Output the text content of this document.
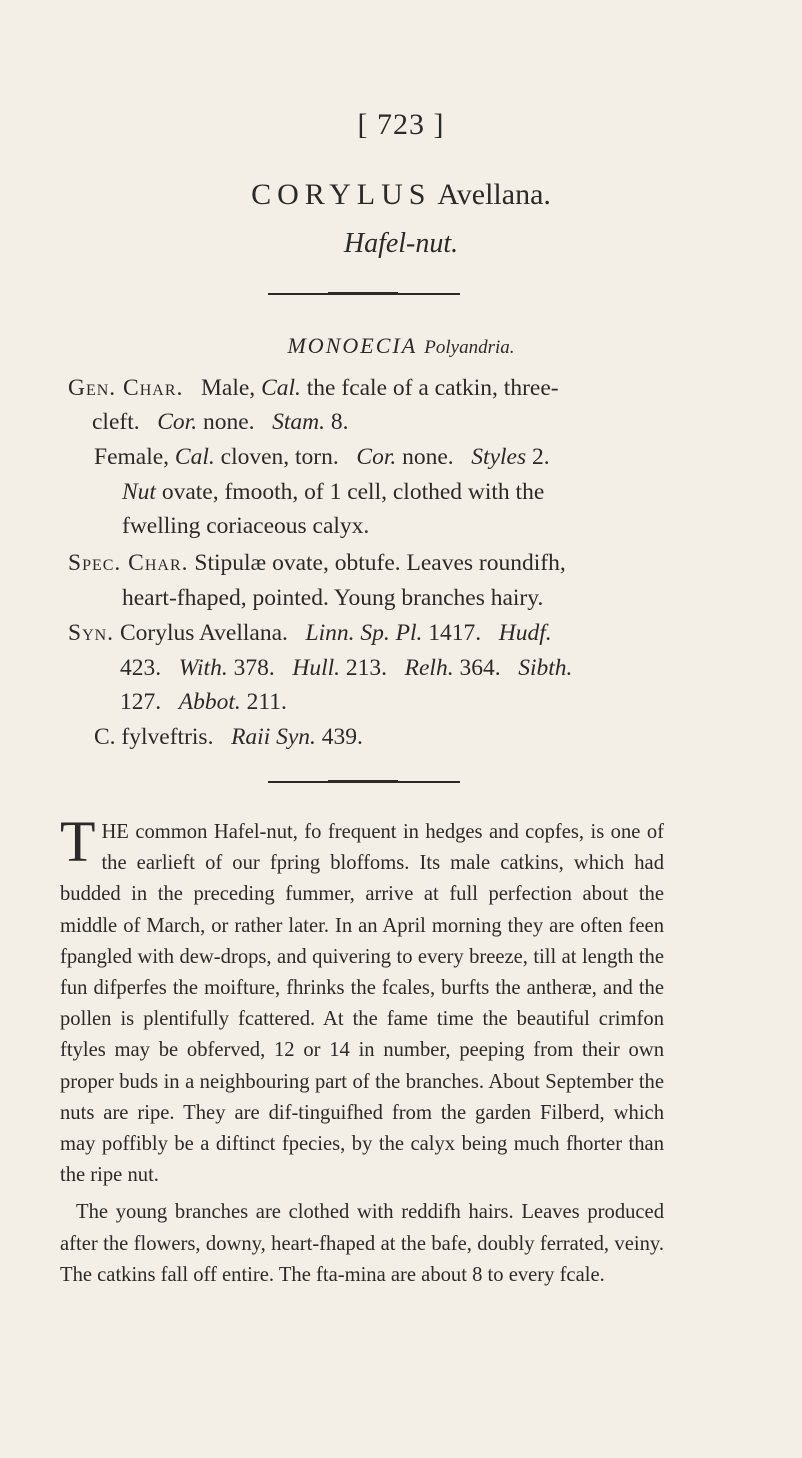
[ 723 ]
CORYLUS Avellana.
Hafel-nut.
MONOECIA Polyandria.
Gen. Char. Male, Cal. the fcale of a catkin, three-
cleft. Cor. none. Stam. 8.
Female, Cal. cloven, torn. Cor. none. Styles 2.
Nut ovate, fmooth, of 1 cell, clothed with the
fwelling coriaceous calyx.
Spec. Char. Stipulæ ovate, obtufe. Leaves roundifh,
heart-fhaped, pointed. Young branches hairy.
Syn. Corylus Avellana. Linn. Sp. Pl. 1417. Hudf.
423. With. 378. Hull. 213. Relh. 364. Sibth.
127. Abbot. 211.
C. fylveftris. Raii Syn. 439.

THE common Hafel-nut, fo frequent in hedges and copfes, is one of the earlieft of our fpring bloffoms. Its male catkins, which had budded in the preceding fummer, arrive at full perfection about the middle of March, or rather later. In an April morning they are often feen fpangled with dew-drops, and quivering to every breeze, till at length the fun difperfes the moifture, fhrinks the fcales, burfts the antheræ, and the pollen is plentifully fcattered. At the fame time the beautiful crimfon ftyles may be obferved, 12 or 14 in number, peeping from their own proper buds in a neighbouring part of the branches. About September the nuts are ripe. They are dif-tinguifhed from the garden Filberd, which may poffibly be a diftinct fpecies, by the calyx being much fhorter than the ripe nut.

The young branches are clothed with reddifh hairs. Leaves produced after the flowers, downy, heart-fhaped at the bafe, doubly ferrated, veiny. The catkins fall off entire. The fta-mina are about 8 to every fcale.
